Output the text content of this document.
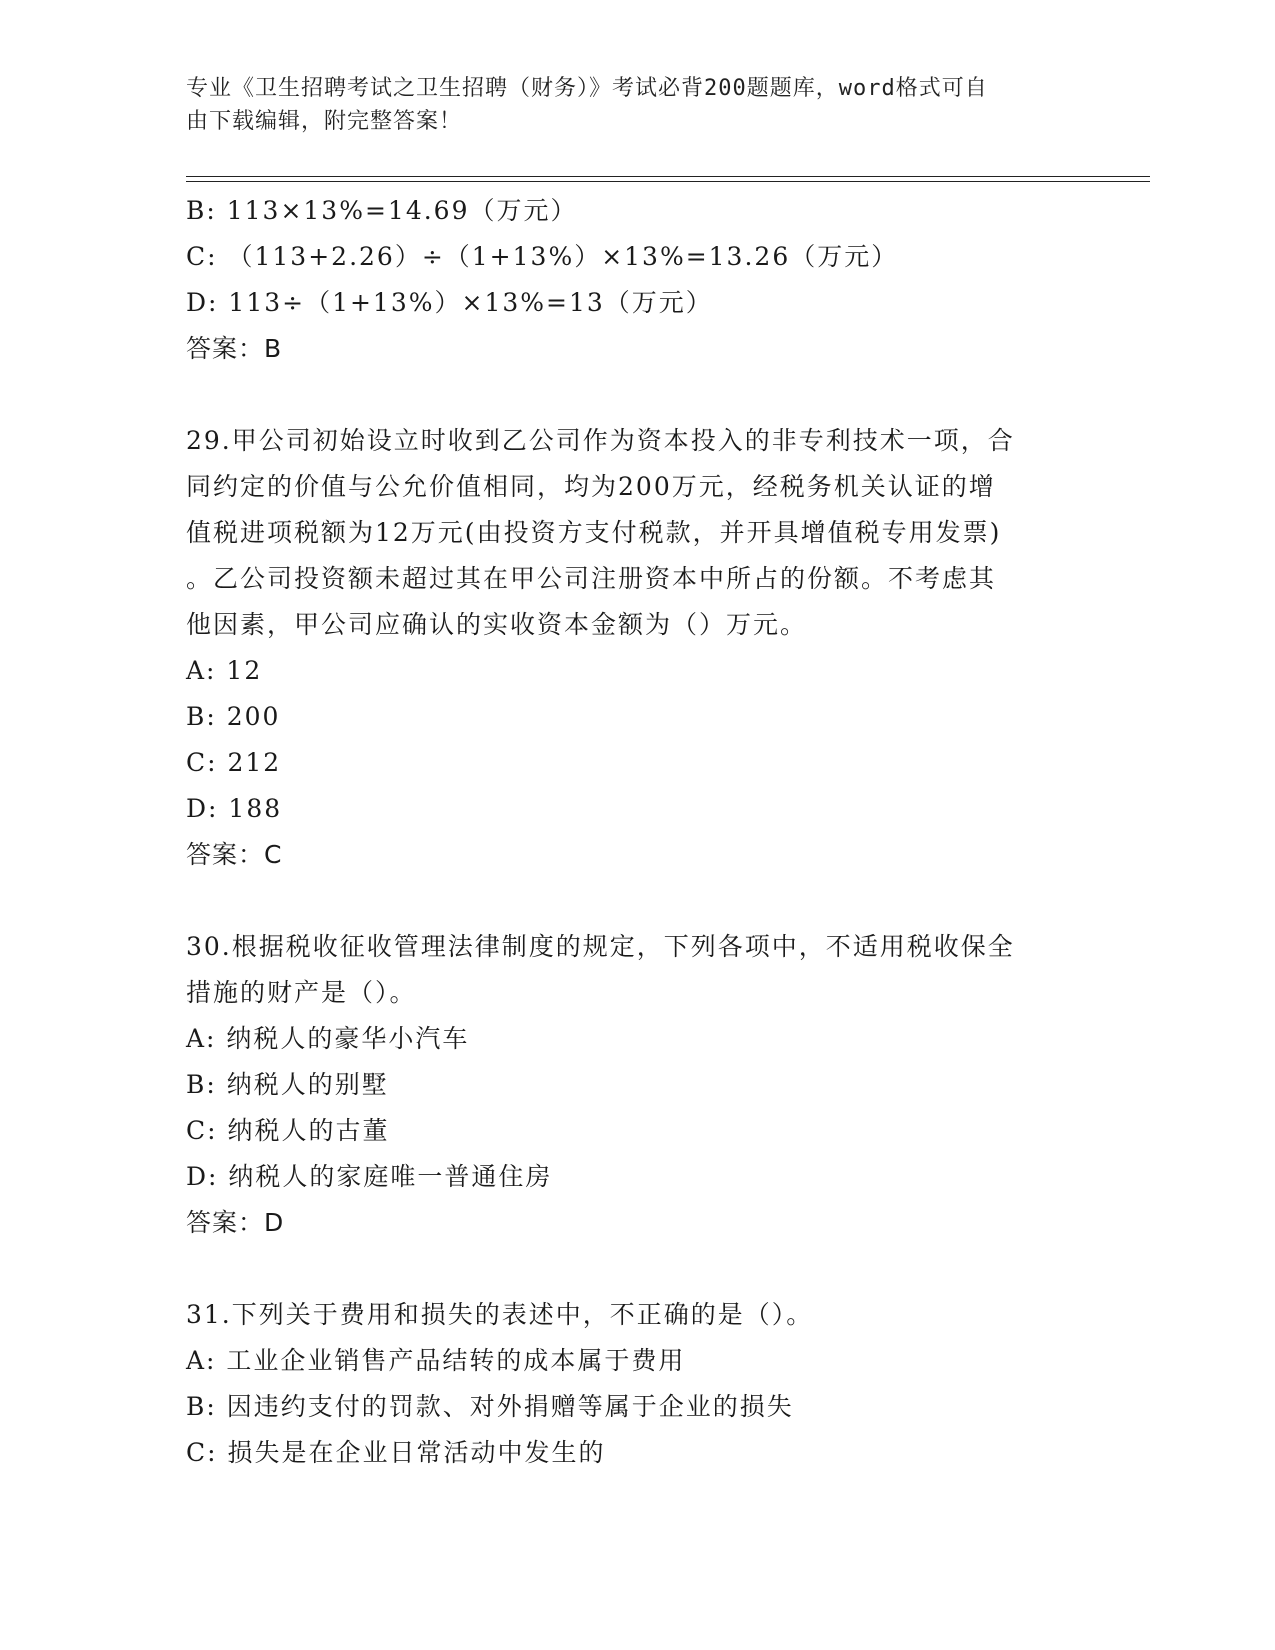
专业《卫生招聘考试之卫生招聘（财务）》考试必背200题题库，word格式可自
由下载编辑，附完整答案！
B: 113×13%=14.69（万元）
C: （113+2.26）÷（1+13%）×13%=13.26（万元）
D: 113÷（1+13%）×13%=13（万元）
答案：B
29.甲公司初始设立时收到乙公司作为资本投入的非专利技术一项，合
同约定的价值与公允价值相同，均为200万元，经税务机关认证的增
值税进项税额为12万元(由投资方支付税款，并开具增值税专用发票)
。乙公司投资额未超过其在甲公司注册资本中所占的份额。不考虑其
他因素，甲公司应确认的实收资本金额为（）万元。
A: 12
B: 200
C: 212
D: 188
答案：C
30.根据税收征收管理法律制度的规定，下列各项中，不适用税收保全
措施的财产是（）。
A: 纳税人的豪华小汽车
B: 纳税人的别墅
C: 纳税人的古董
D: 纳税人的家庭唯一普通住房
答案：D
31.下列关于费用和损失的表述中，不正确的是（）。
A: 工业企业销售产品结转的成本属于费用
B: 因违约支付的罚款、对外捐赠等属于企业的损失
C: 损失是在企业日常活动中发生的
